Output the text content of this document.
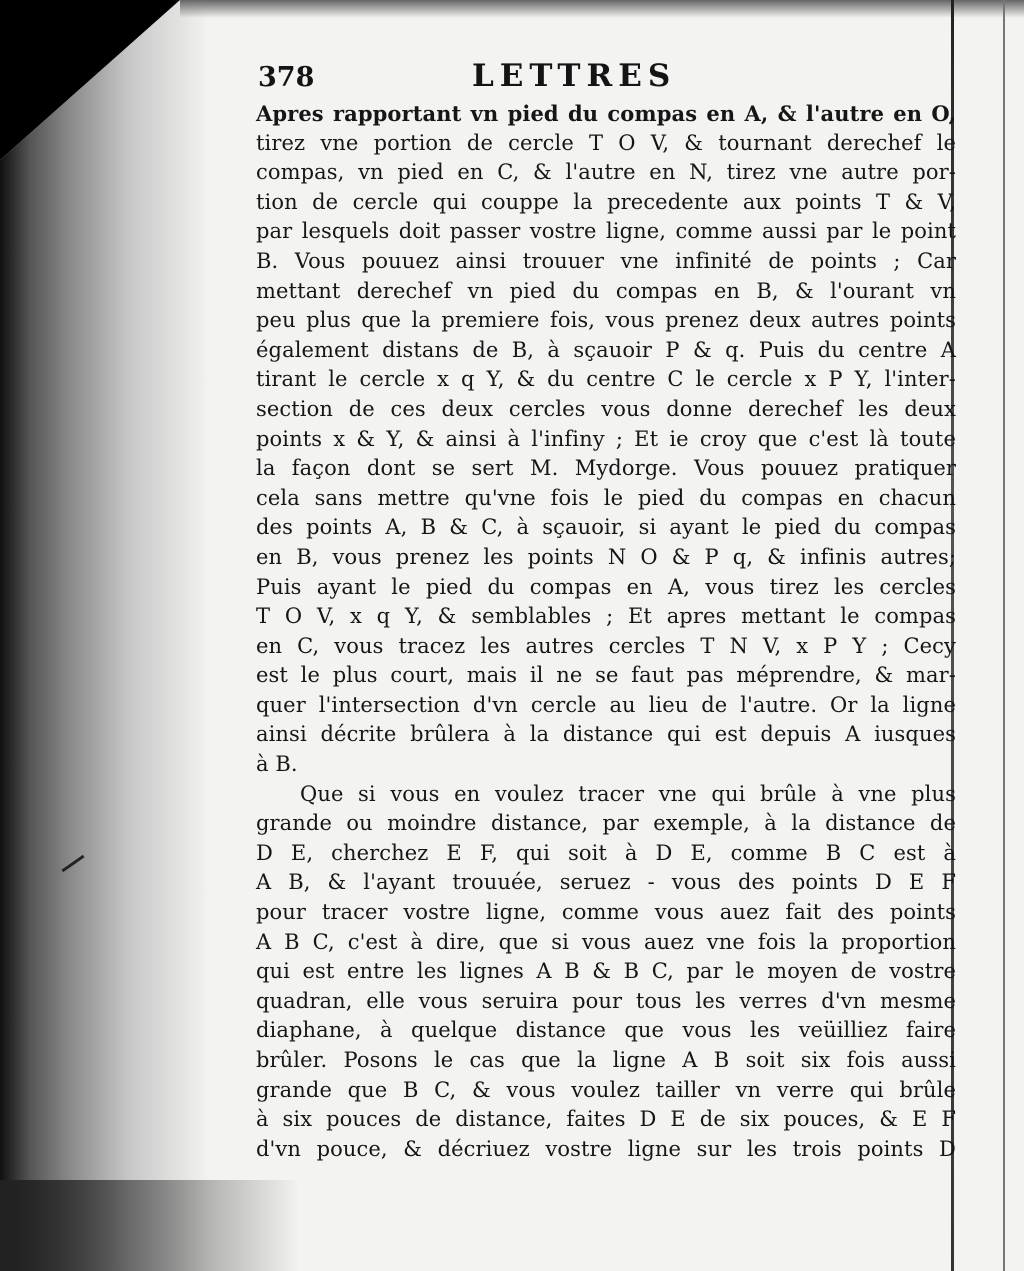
378	LETTRES
Apres rapportant vn pied du compas en A, & l'autre en O,
tirez vne portion de cercle T O V, & tournant derechef le
compas, vn pied en C, & l'autre en N, tirez vne autre por-
tion de cercle qui couppe la precedente aux points T & V,
par lesquels doit passer vostre ligne, comme aussi par le point
B. Vous pouuez ainsi trouuer vne infinité de points ; Car
mettant derechef vn pied du compas en B, & l'ourant vn
peu plus que la premiere fois, vous prenez deux autres points
également distans de B, à sçauoir P & q. Puis du centre A
tirant le cercle x q Y, & du centre C le cercle x P Y, l'inter-
section de ces deux cercles vous donne derechef les deux
points x & Y, & ainsi à l'infiny ; Et ie croy que c'est là toute
la façon dont se sert M. Mydorge. Vous pouuez pratiquer
cela sans mettre qu'vne fois le pied du compas en chacun
des points A, B & C, à sçauoir, si ayant le pied du compas
en B, vous prenez les points N O & P q, & infinis autres;
Puis ayant le pied du compas en A, vous tirez les cercles
T O V, x q Y, & semblables ; Et apres mettant le compas
en C, vous tracez les autres cercles T N V, x P Y ; Cecy
est le plus court, mais il ne se faut pas méprendre, & mar-
quer l'intersection d'vn cercle au lieu de l'autre. Or la ligne
ainsi décrite brûlera à la distance qui est depuis A iusques
à B.
Que si vous en voulez tracer vne qui brûle à vne plus
grande ou moindre distance, par exemple, à la distance de
D E, cherchez E F, qui soit à D E, comme B C est à
A B, & l'ayant trouuée, seruez - vous des points D E F
pour tracer vostre ligne, comme vous auez fait des points
A B C, c'est à dire, que si vous auez vne fois la proportion
qui est entre les lignes A B & B C, par le moyen de vostre
quadran, elle vous seruira pour tous les verres d'vn mesme
diaphane, à quelque distance que vous les veüilliez faire
brûler. Posons le cas que la ligne A B soit six fois aussi
grande que B C, & vous voulez tailler vn verre qui brûle
à six pouces de distance, faites D E de six pouces, & E F
d'vn pouce, & décriuez vostre ligne sur les trois points D
